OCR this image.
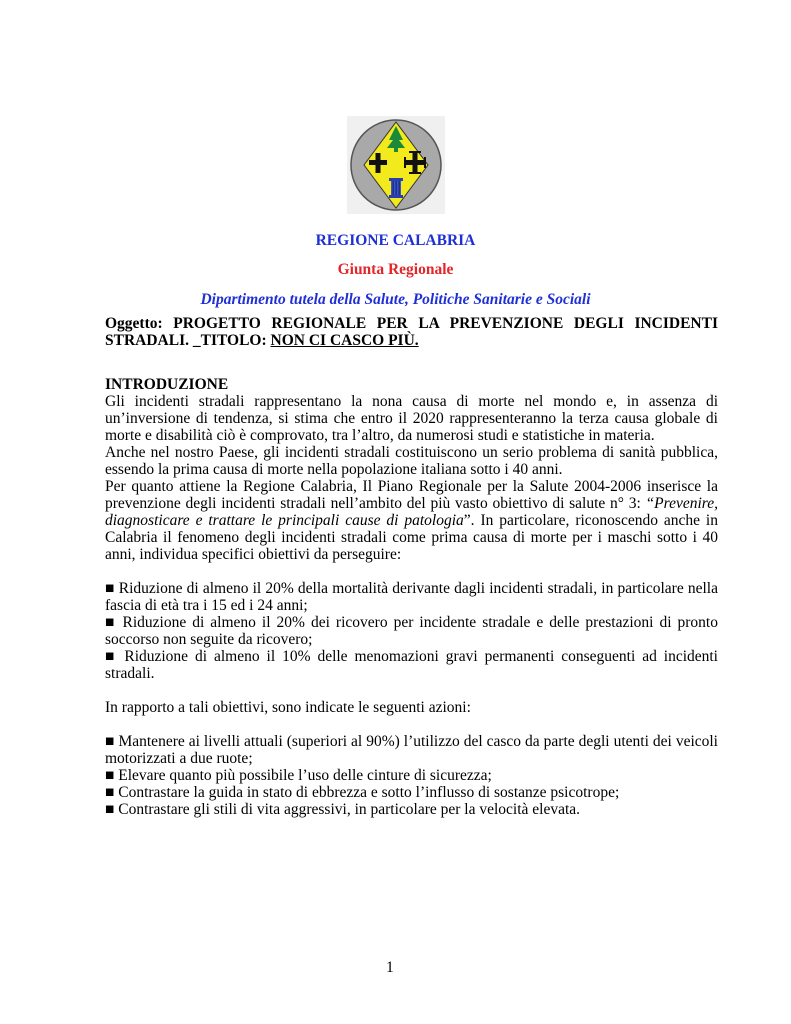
REGIONE CALABRIA
Giunta Regionale
Dipartimento tutela della Salute, Politiche Sanitarie e Sociali
Oggetto: PROGETTO REGIONALE PER LA PREVENZIONE DEGLI INCIDENTI STRADALI. _TITOLO: NON CI CASCO PIÙ.
INTRODUZIONE
Gli incidenti stradali rappresentano la nona causa di morte nel mondo e, in assenza di un’inversione di tendenza, si stima che entro il 2020 rappresenteranno la terza causa globale di morte e disabilità ciò è comprovato, tra l’altro, da numerosi studi e statistiche in materia.
Anche nel nostro Paese, gli incidenti stradali costituiscono un serio problema di sanità pubblica, essendo la prima causa di morte nella popolazione italiana sotto i 40 anni.
Per quanto attiene la Regione Calabria, Il Piano Regionale per la Salute 2004-2006 inserisce la prevenzione degli incidenti stradali nell’ambito del più vasto obiettivo di salute n° 3: “Prevenire, diagnosticare e trattare le principali cause di patologia”. In particolare, riconoscendo anche in Calabria il fenomeno degli incidenti stradali come prima causa di morte per i maschi sotto i 40 anni, individua specifici obiettivi da perseguire:
■ Riduzione di almeno il 20% della mortalità derivante dagli incidenti stradali, in particolare nella fascia di età tra i 15 ed i 24 anni;
■ Riduzione di almeno il 20% dei ricovero per incidente stradale e delle prestazioni di pronto soccorso non seguite da ricovero;
■ Riduzione di almeno il 10% delle menomazioni gravi permanenti conseguenti ad incidenti stradali.
In rapporto a tali obiettivi, sono indicate le seguenti azioni:
■ Mantenere ai livelli attuali (superiori al 90%) l’utilizzo del casco da parte degli utenti dei veicoli motorizzati a due ruote;
■ Elevare quanto più possibile l’uso delle cinture di sicurezza;
■ Contrastare la guida in stato di ebbrezza e sotto l’influsso di sostanze psicotrope;
■ Contrastare gli stili di vita aggressivi, in particolare per la velocità elevata.
1
